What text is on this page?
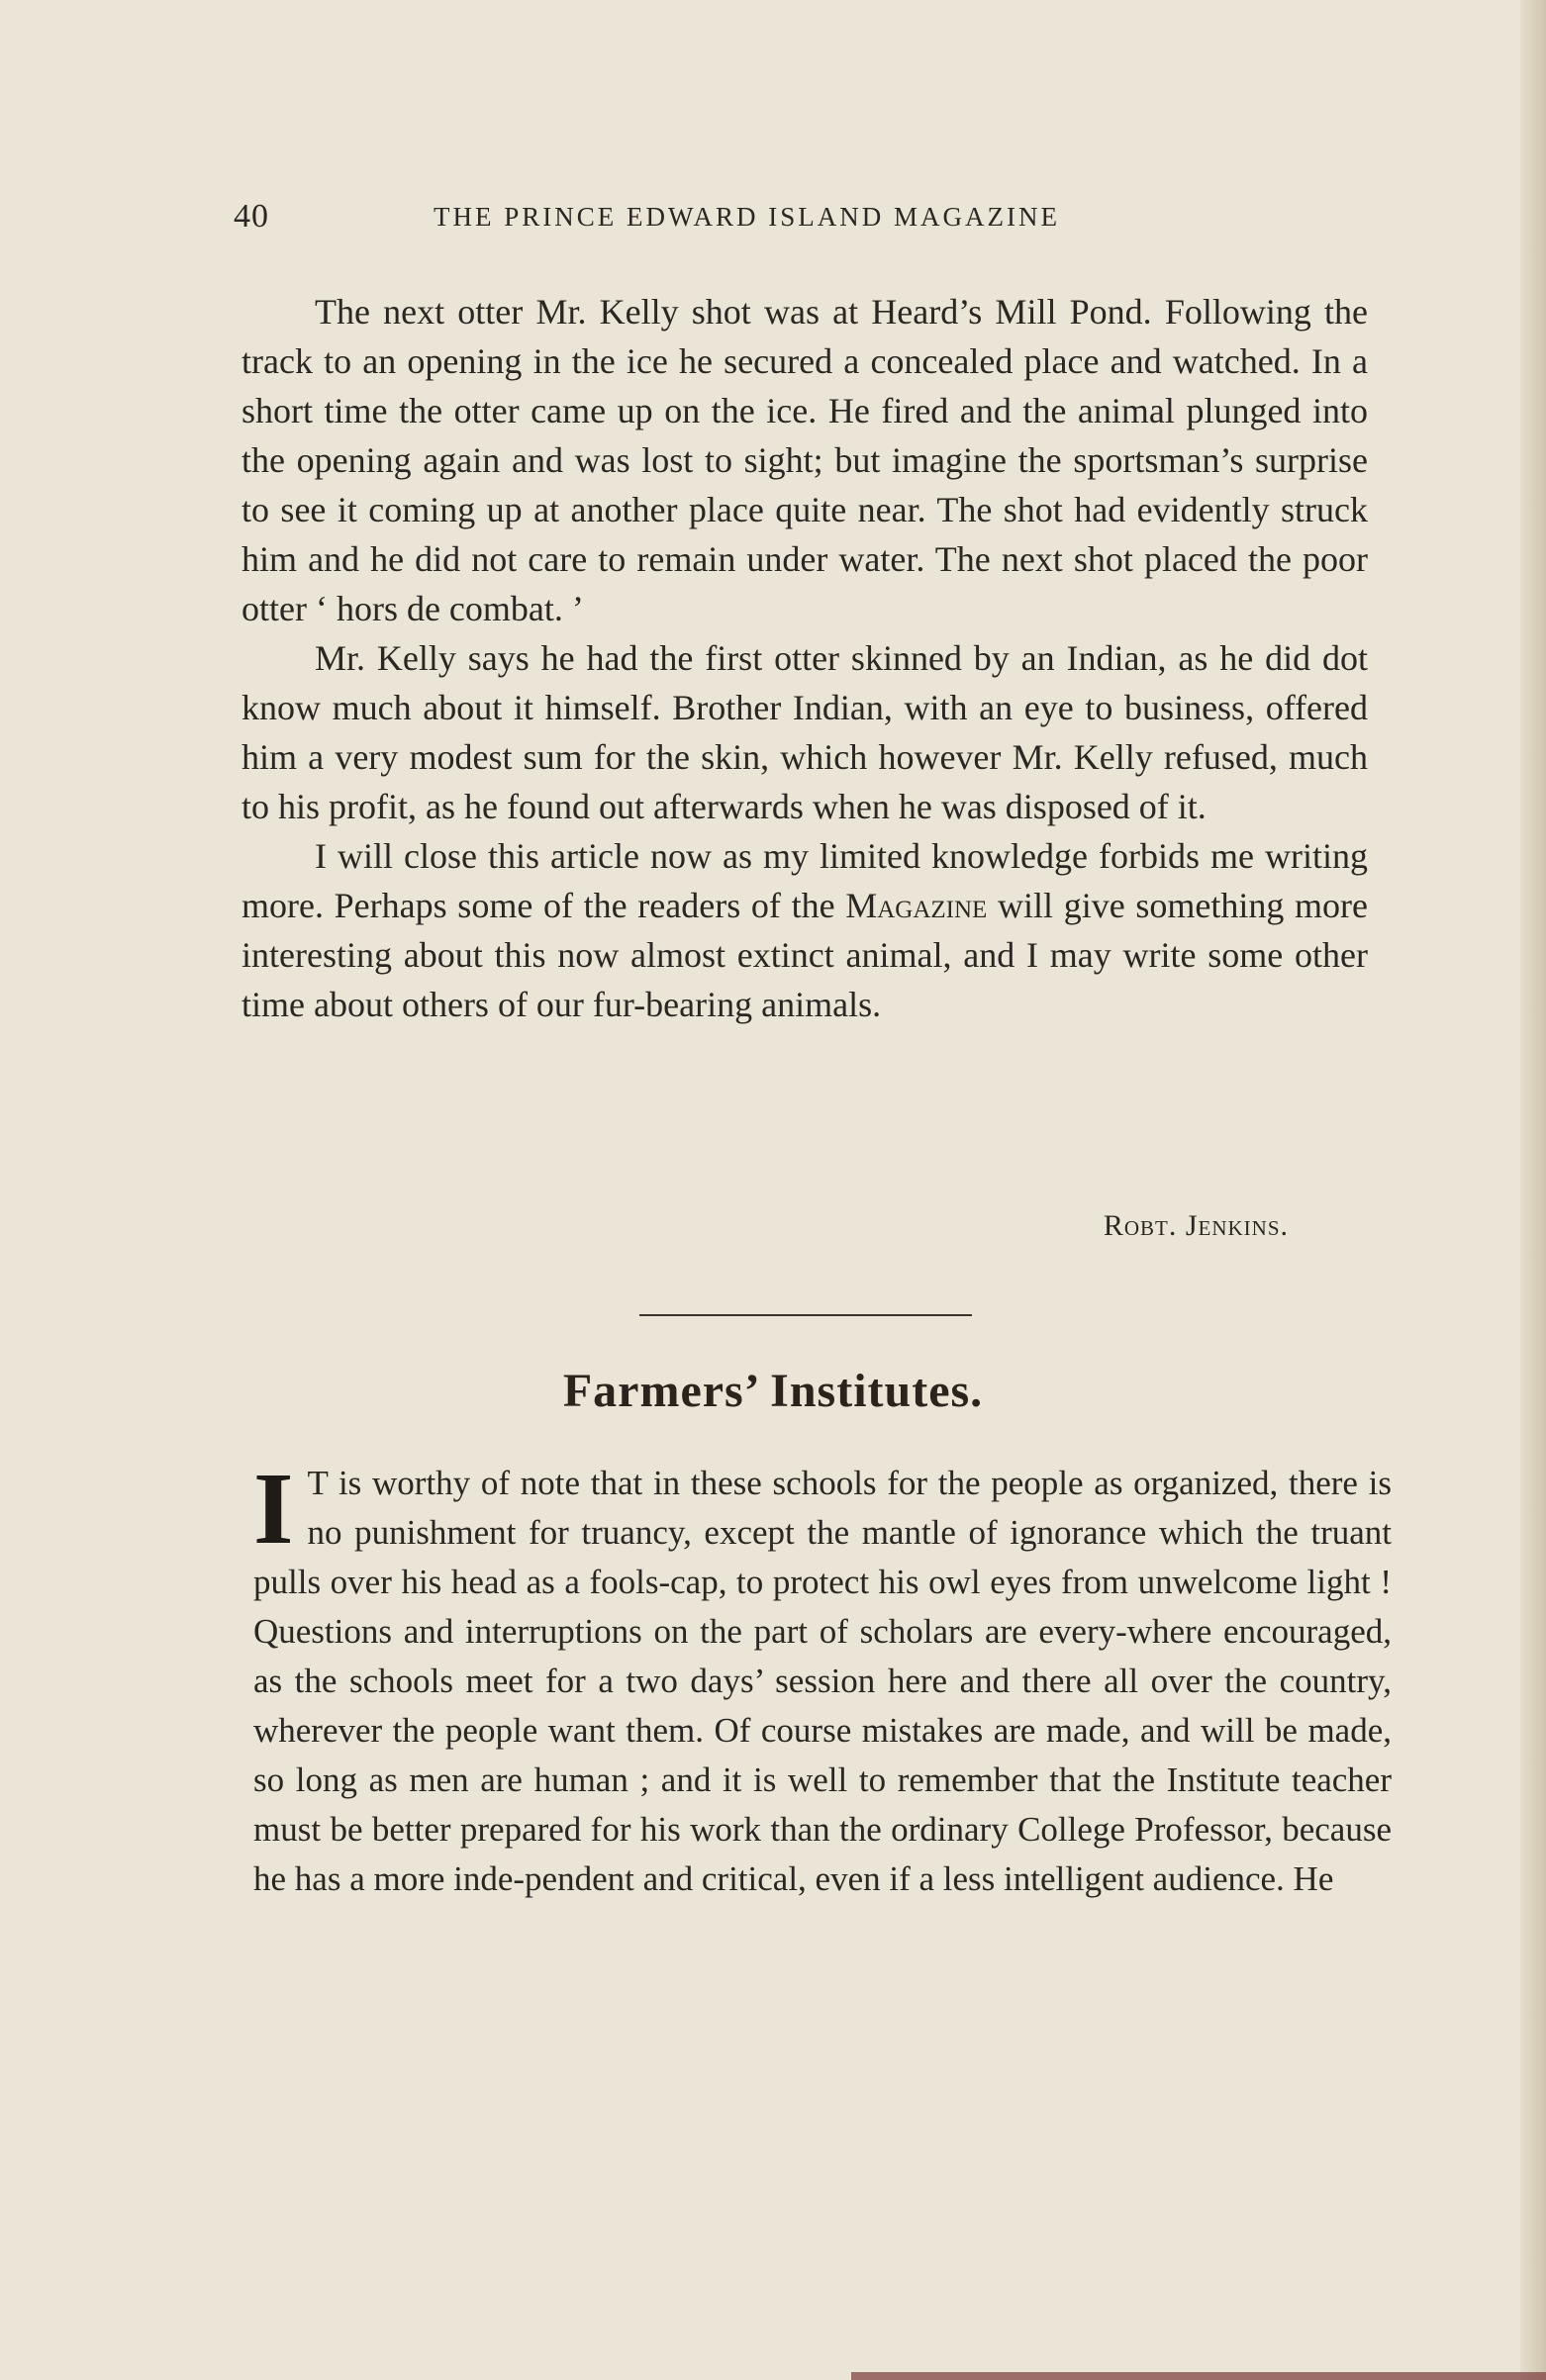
40	THE PRINCE EDWARD ISLAND MAGAZINE

The next otter Mr. Kelly shot was at Heard’s Mill Pond. Following the track to an opening in the ice he secured a concealed place and watched. In a short time the otter came up on the ice. He fired and the animal plunged into the opening again and was lost to sight; but imagine the sportsman’s surprise to see it coming up at another place quite near. The shot had evidently struck him and he did not care to remain under water. The next shot placed the poor otter ‘ hors de combat. ’

Mr. Kelly says he had the first otter skinned by an Indian, as he did dot know much about it himself. Brother Indian, with an eye to business, offered him a very modest sum for the skin, which however Mr. Kelly refused, much to his profit, as he found out afterwards when he was disposed of it.

I will close this article now as my limited knowledge forbids me writing more. Perhaps some of the readers of the Magazine will give something more interesting about this now almost extinct animal, and I may write some other time about others of our fur-bearing animals.

Robt. Jenkins.
Farmers’ Institutes.

I T is worthy of note that in these schools for the people as organized, there is no punishment for truancy, except the mantle of ignorance which the truant pulls over his head as a fools-cap, to protect his owl eyes from unwelcome light ! Questions and interruptions on the part of scholars are every-where encouraged, as the schools meet for a two days’ session here and there all over the country, wherever the people want them. Of course mistakes are made, and will be made, so long as men are human ; and it is well to remember that the Institute teacher must be better prepared for his work than the ordinary College Professor, because he has a more inde-pendent and critical, even if a less intelligent audience. He
